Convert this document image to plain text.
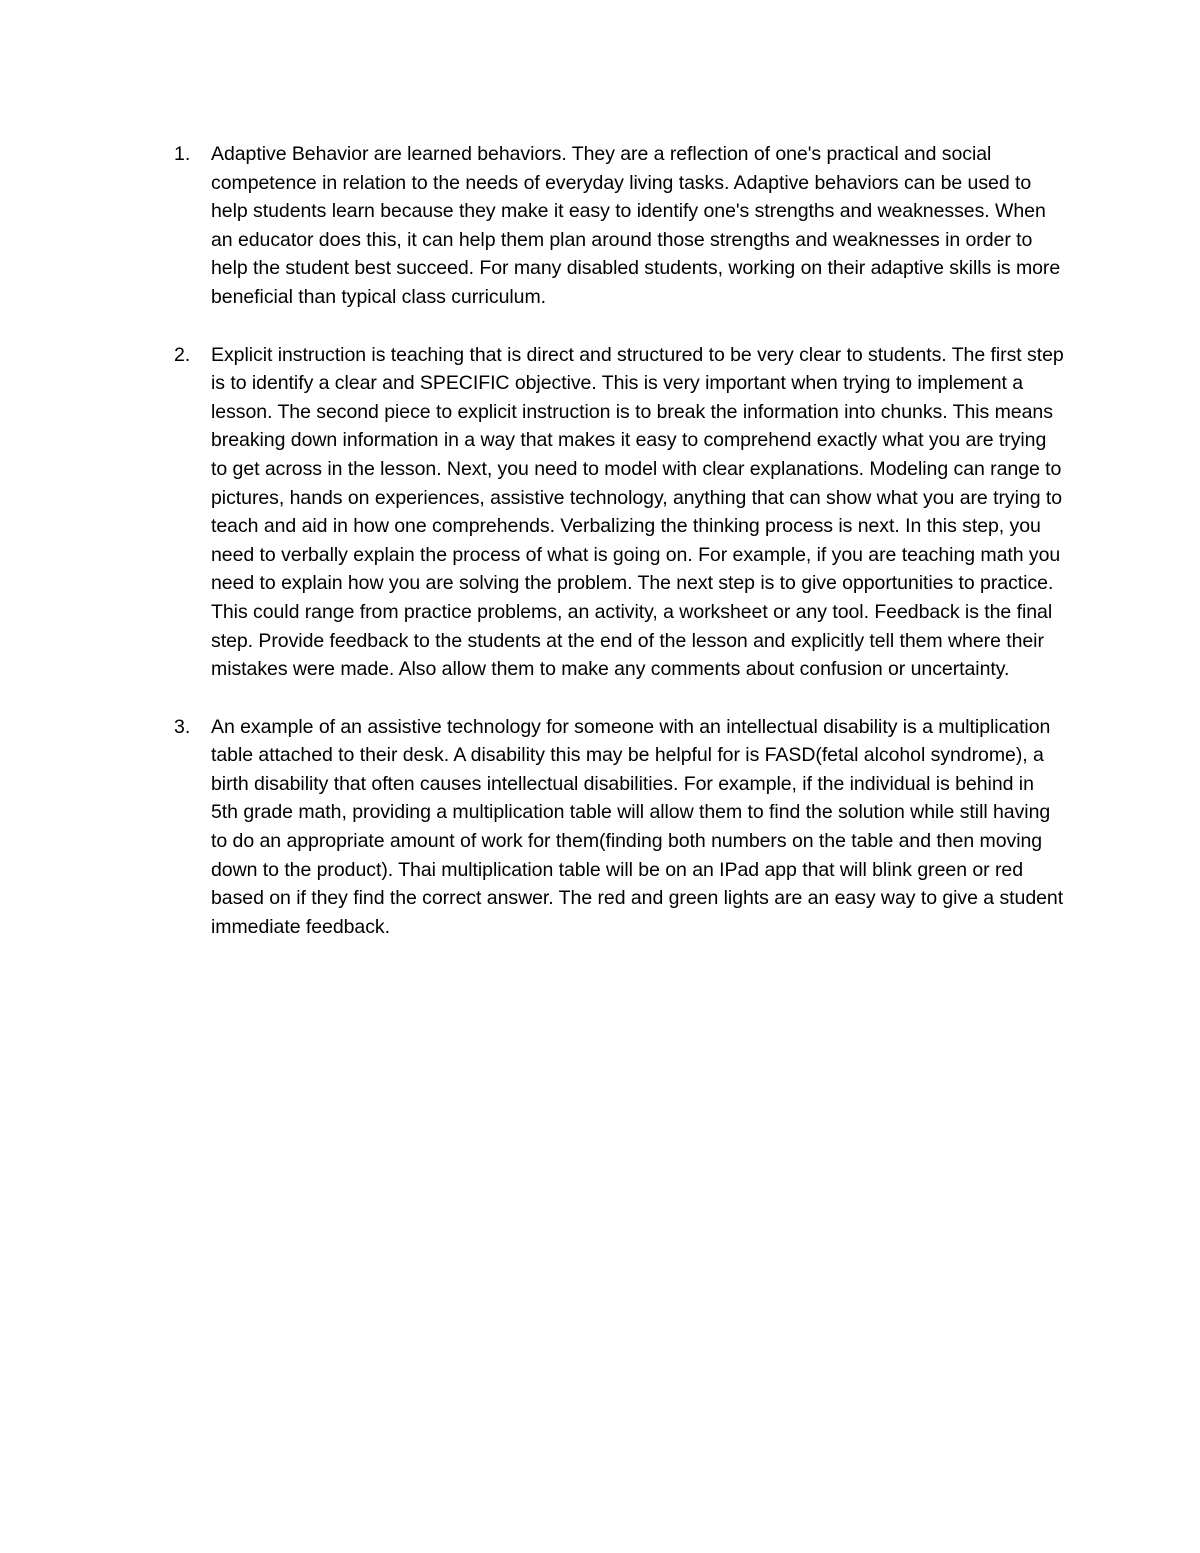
1. Adaptive Behavior are learned behaviors. They are a reflection of one's practical and social competence in relation to the needs of everyday living tasks. Adaptive behaviors can be used to help students learn because they make it easy to identify one's strengths and weaknesses. When an educator does this, it can help them plan around those strengths and weaknesses in order to help the student best succeed. For many disabled students, working on their adaptive skills is more beneficial than typical class curriculum.
2. Explicit instruction is teaching that is direct and structured to be very clear to students. The first step is to identify a clear and SPECIFIC objective. This is very important when trying to implement a lesson. The second piece to explicit instruction is to break the information into chunks. This means breaking down information in a way that makes it easy to comprehend exactly what you are trying to get across in the lesson. Next, you need to model with clear explanations. Modeling can range to pictures, hands on experiences, assistive technology, anything that can show what you are trying to teach and aid in how one comprehends. Verbalizing the thinking process is next. In this step, you need to verbally explain the process of what is going on. For example, if you are teaching math you need to explain how you are solving the problem. The next step is to give opportunities to practice. This could range from practice problems, an activity, a worksheet or any tool. Feedback is the final step. Provide feedback to the students at the end of the lesson and explicitly tell them where their mistakes were made. Also allow them to make any comments about confusion or uncertainty.
3. An example of an assistive technology for someone with an intellectual disability is a multiplication table attached to their desk. A disability this may be helpful for is FASD(fetal alcohol syndrome), a birth disability that often causes intellectual disabilities. For example, if the individual is behind in 5th grade math, providing a multiplication table will allow them to find the solution while still having to do an appropriate amount of work for them(finding both numbers on the table and then moving down to the product). Thai multiplication table will be on an IPad app that will blink green or red based on if they find the correct answer. The red and green lights are an easy way to give a student immediate feedback.
